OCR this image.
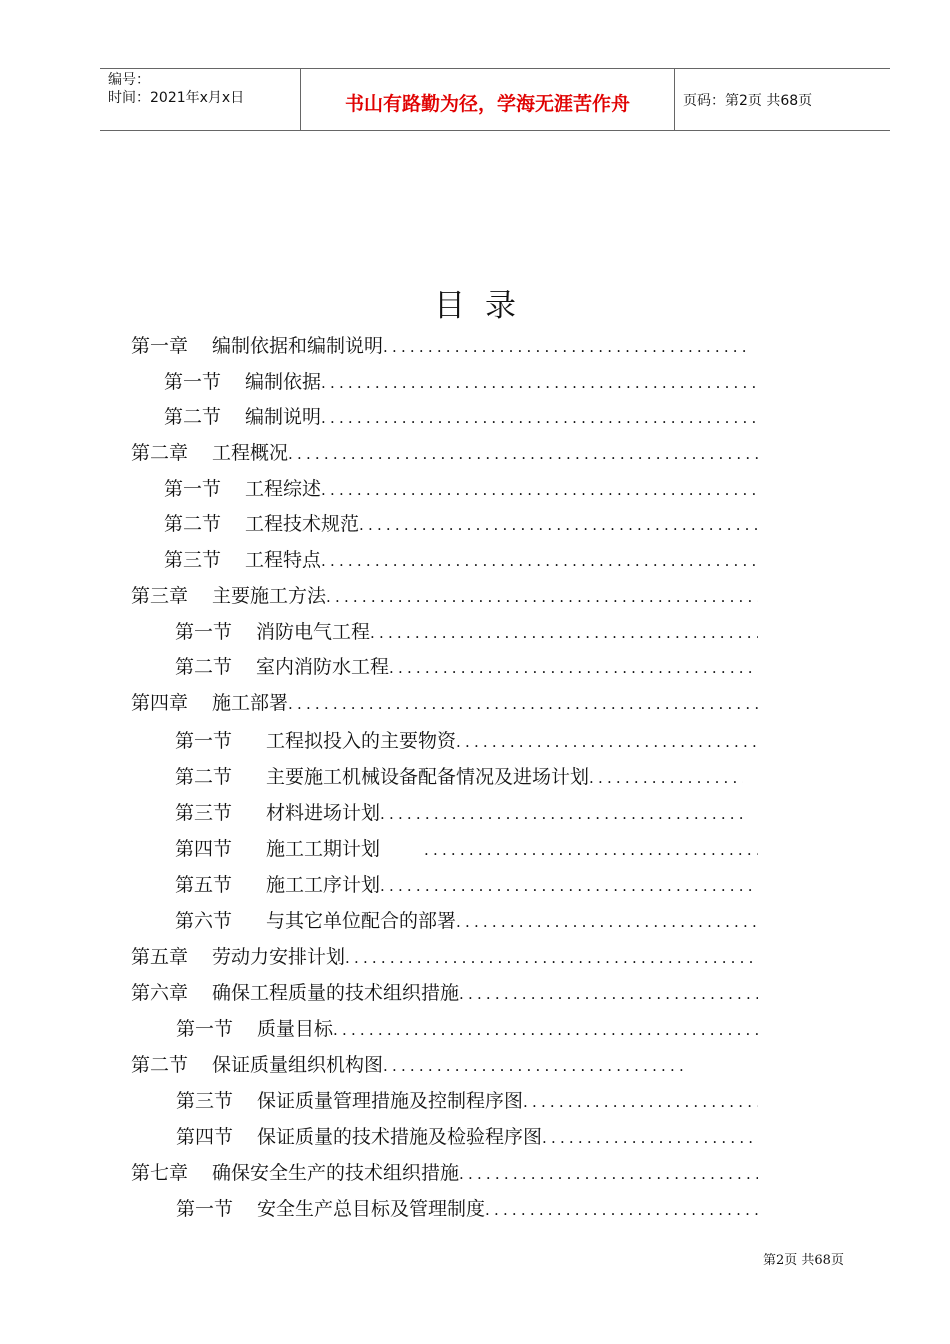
编号：
时间：2021年x月x日	书山有路勤为径，学海无涯苦作舟	页码：第2页 共68页
目录
第一章 编制依据和编制说明
.....
第一节 编制依据
.....
第二节 编制说明
.....
第二章 工程概况
.....
第一节 工程综述
.....
第二节 工程技术规范
.....
第三节 工程特点
.....
第三章 主要施工方法
.....
第一节 消防电气工程
.....
第二节 室内消防水工程
.....
第四章 施工部署
.....
第一节 工程拟投入的主要物资
.....
第二节 主要施工机械设备配备情况及进场计划
.....
第三节 材料进场计划
.....
第四节 施工工期计划
.....
第五节 施工工序计划
.....
第六节 与其它单位配合的部署
.....
第五章 劳动力安排计划
.....
第六章 确保工程质量的技术组织措施
.....
第一节 质量目标
.....
第二节 保证质量组织机构图
.....
第三节 保证质量管理措施及控制程序图
.....
第四节 保证质量的技术措施及检验程序图
.....
第七章 确保安全生产的技术组织措施
.....
第一节 安全生产总目标及管理制度
.....
第2页 共68页
